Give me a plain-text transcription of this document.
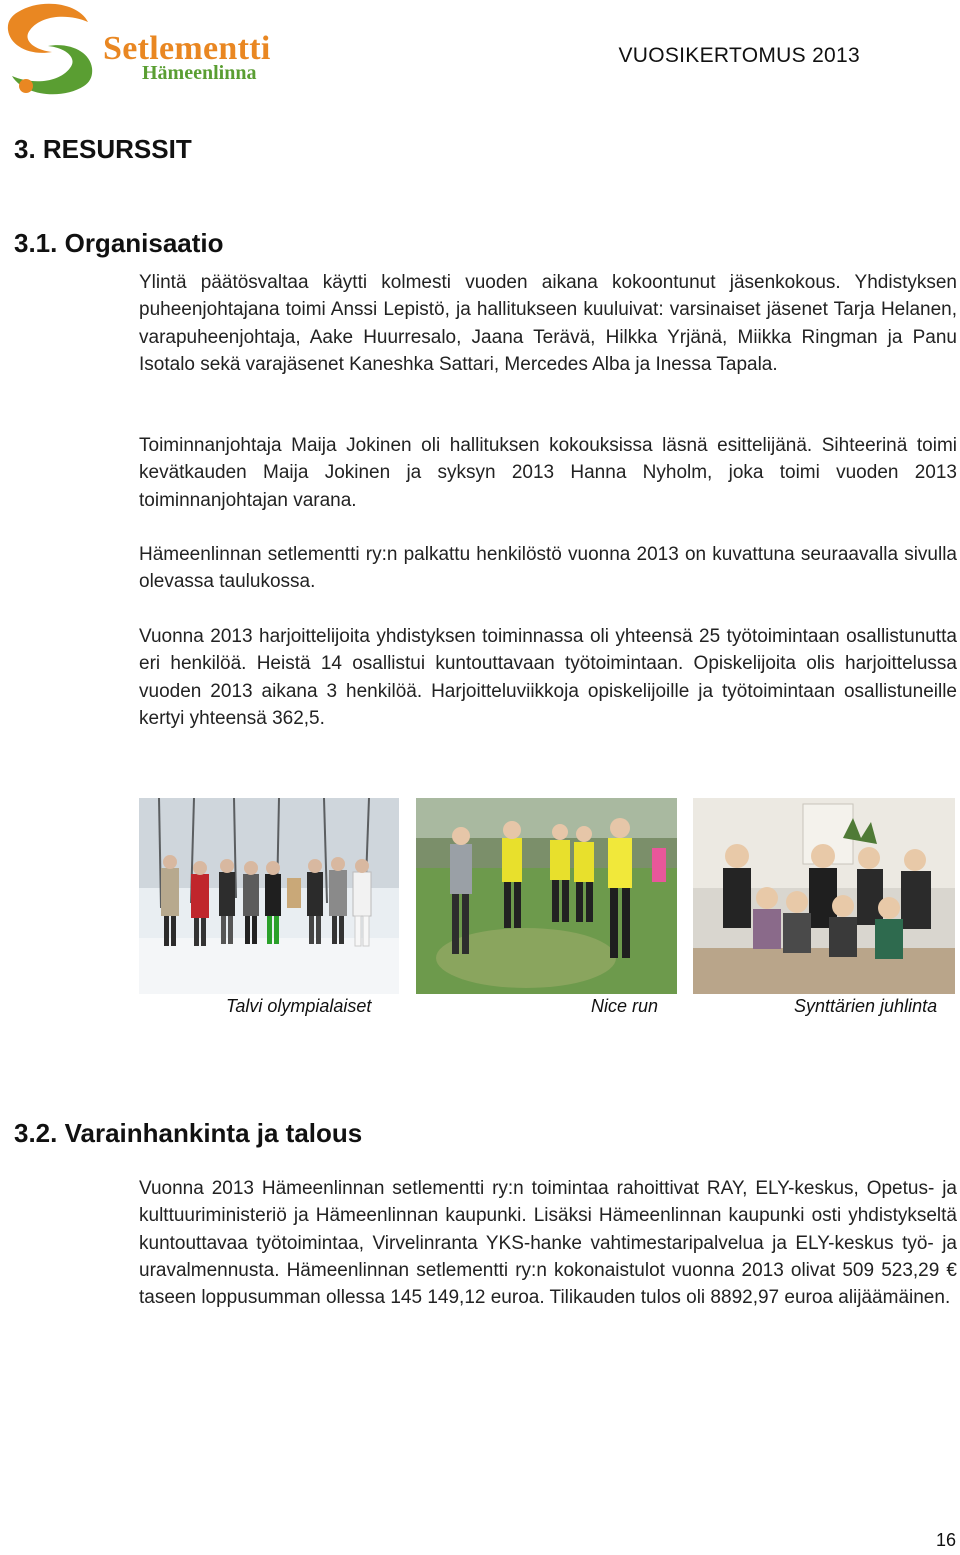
Setlementti
Hämeenlinna
VUOSIKERTOMUS 2013
3. RESURSSIT
3.1. Organisaatio

Ylintä päätösvaltaa käytti kolmesti vuoden aikana kokoontunut jäsenkokous. Yhdistyksen puheenjohtajana toimi Anssi Lepistö, ja hallitukseen kuuluivat: varsinaiset jäsenet Tarja Helanen, varapuheenjohtaja, Aake Huurresalo, Jaana Terävä, Hilkka Yrjänä, Miikka Ringman ja Panu Isotalo sekä varajäsenet Kaneshka Sattari, Mercedes Alba ja Inessa Tapala.

Toiminnanjohtaja Maija Jokinen oli hallituksen kokouksissa läsnä esittelijänä. Sihteerinä toimi kevätkauden Maija Jokinen ja syksyn 2013 Hanna Nyholm, joka toimi vuoden 2013 toiminnanjohtajan varana.

Hämeenlinnan setlementti ry:n palkattu henkilöstö vuonna 2013 on kuvattuna seuraavalla sivulla olevassa taulukossa.

Vuonna 2013 harjoittelijoita yhdistyksen toiminnassa oli yhteensä 25 työtoimintaan osallistunutta eri henkilöä. Heistä 14 osallistui kuntouttavaan työtoimintaan. Opiskelijoita olis harjoittelussa vuoden 2013 aikana 3 henkilöä. Harjoitteluviikkoja opiskelijoille ja työtoimintaan osallistuneille kertyi yhteensä 362,5.

Talvi olympialaiset	Nice run	Synttärien juhlinta
3.2. Varainhankinta ja talous

Vuonna 2013 Hämeenlinnan setlementti ry:n toimintaa rahoittivat RAY, ELY-keskus, Opetus- ja kulttuuriministeriö ja Hämeenlinnan kaupunki. Lisäksi Hämeenlinnan kaupunki osti yhdistykseltä kuntouttavaa työtoimintaa, Virvelinranta YKS-hanke vahtimestaripalvelua ja ELY-keskus työ- ja uravalmennusta. Hämeenlinnan setlementti ry:n kokonaistulot vuonna 2013 olivat 509 523,29 € taseen loppusumman ollessa 145 149,12 euroa. Tilikauden tulos oli 8892,97 euroa alijäämäinen.

16
